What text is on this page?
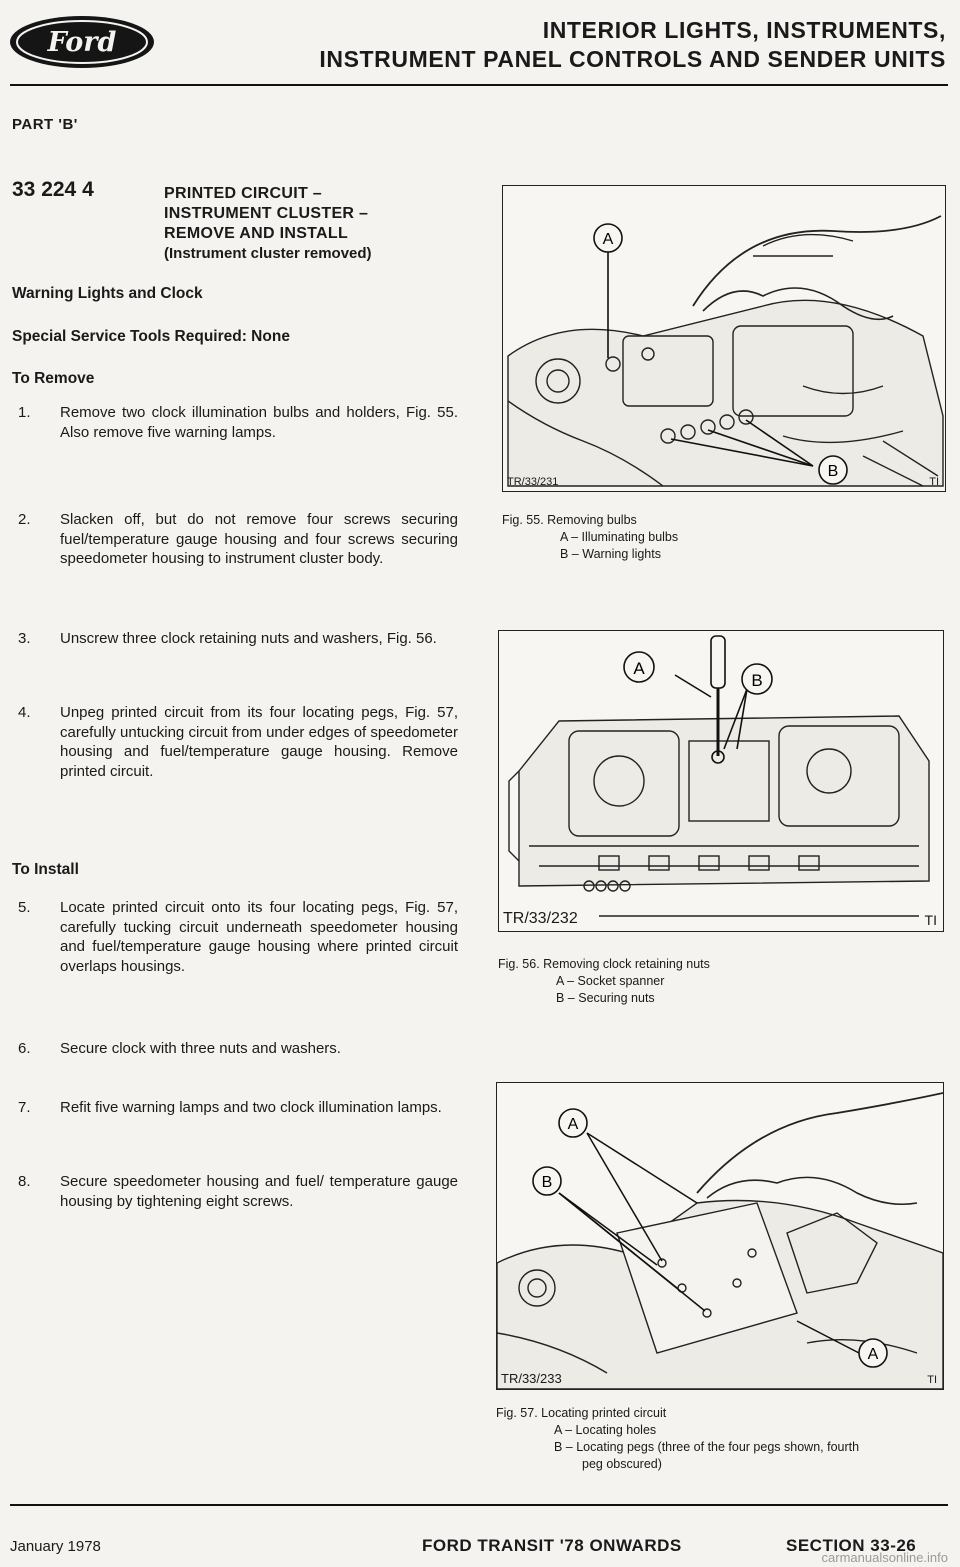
Ford	INTERIOR LIGHTS, INSTRUMENTS,
INSTRUMENT PANEL CONTROLS AND SENDER UNITS
PART 'B'
33 224 4	PRINTED CIRCUIT –
INSTRUMENT CLUSTER –
REMOVE AND INSTALL
(Instrument cluster removed)
Warning Lights and Clock
Special Service Tools Required: None
To Remove
1.	Remove two clock illumination bulbs and holders, Fig. 55. Also remove five warning lamps.
2.	Slacken off, but do not remove four screws securing fuel/temperature gauge housing and four screws securing speedometer housing to instrument cluster body.
3.	Unscrew three clock retaining nuts and washers, Fig. 56.
4.	Unpeg printed circuit from its four locating pegs, Fig. 57, carefully untucking circuit from under edges of speedometer housing and fuel/temperature gauge housing. Remove printed circuit.
To Install
5.	Locate printed circuit onto its four locating pegs, Fig. 57, carefully tucking circuit underneath speedometer housing and fuel/temperature gauge housing where printed circuit overlaps housings.
6.	Secure clock with three nuts and washers.
7.	Refit five warning lamps and two clock illumination lamps.
8.	Secure speedometer housing and fuel/ temperature gauge housing by tightening eight screws.
A
B
TR/33/231	TI
Fig. 55. Removing bulbs
A – Illuminating bulbs
B – Warning lights
A
B
TR/33/232	TI
Fig. 56. Removing clock retaining nuts
A – Socket spanner
B – Securing nuts
A
B
A
TR/33/233	TI
Fig. 57. Locating printed circuit
A – Locating holes
B – Locating pegs (three of the four pegs shown, fourth
peg obscured)
January 1978	FORD TRANSIT '78 ONWARDS	SECTION 33-26
carmanualsonline.info
